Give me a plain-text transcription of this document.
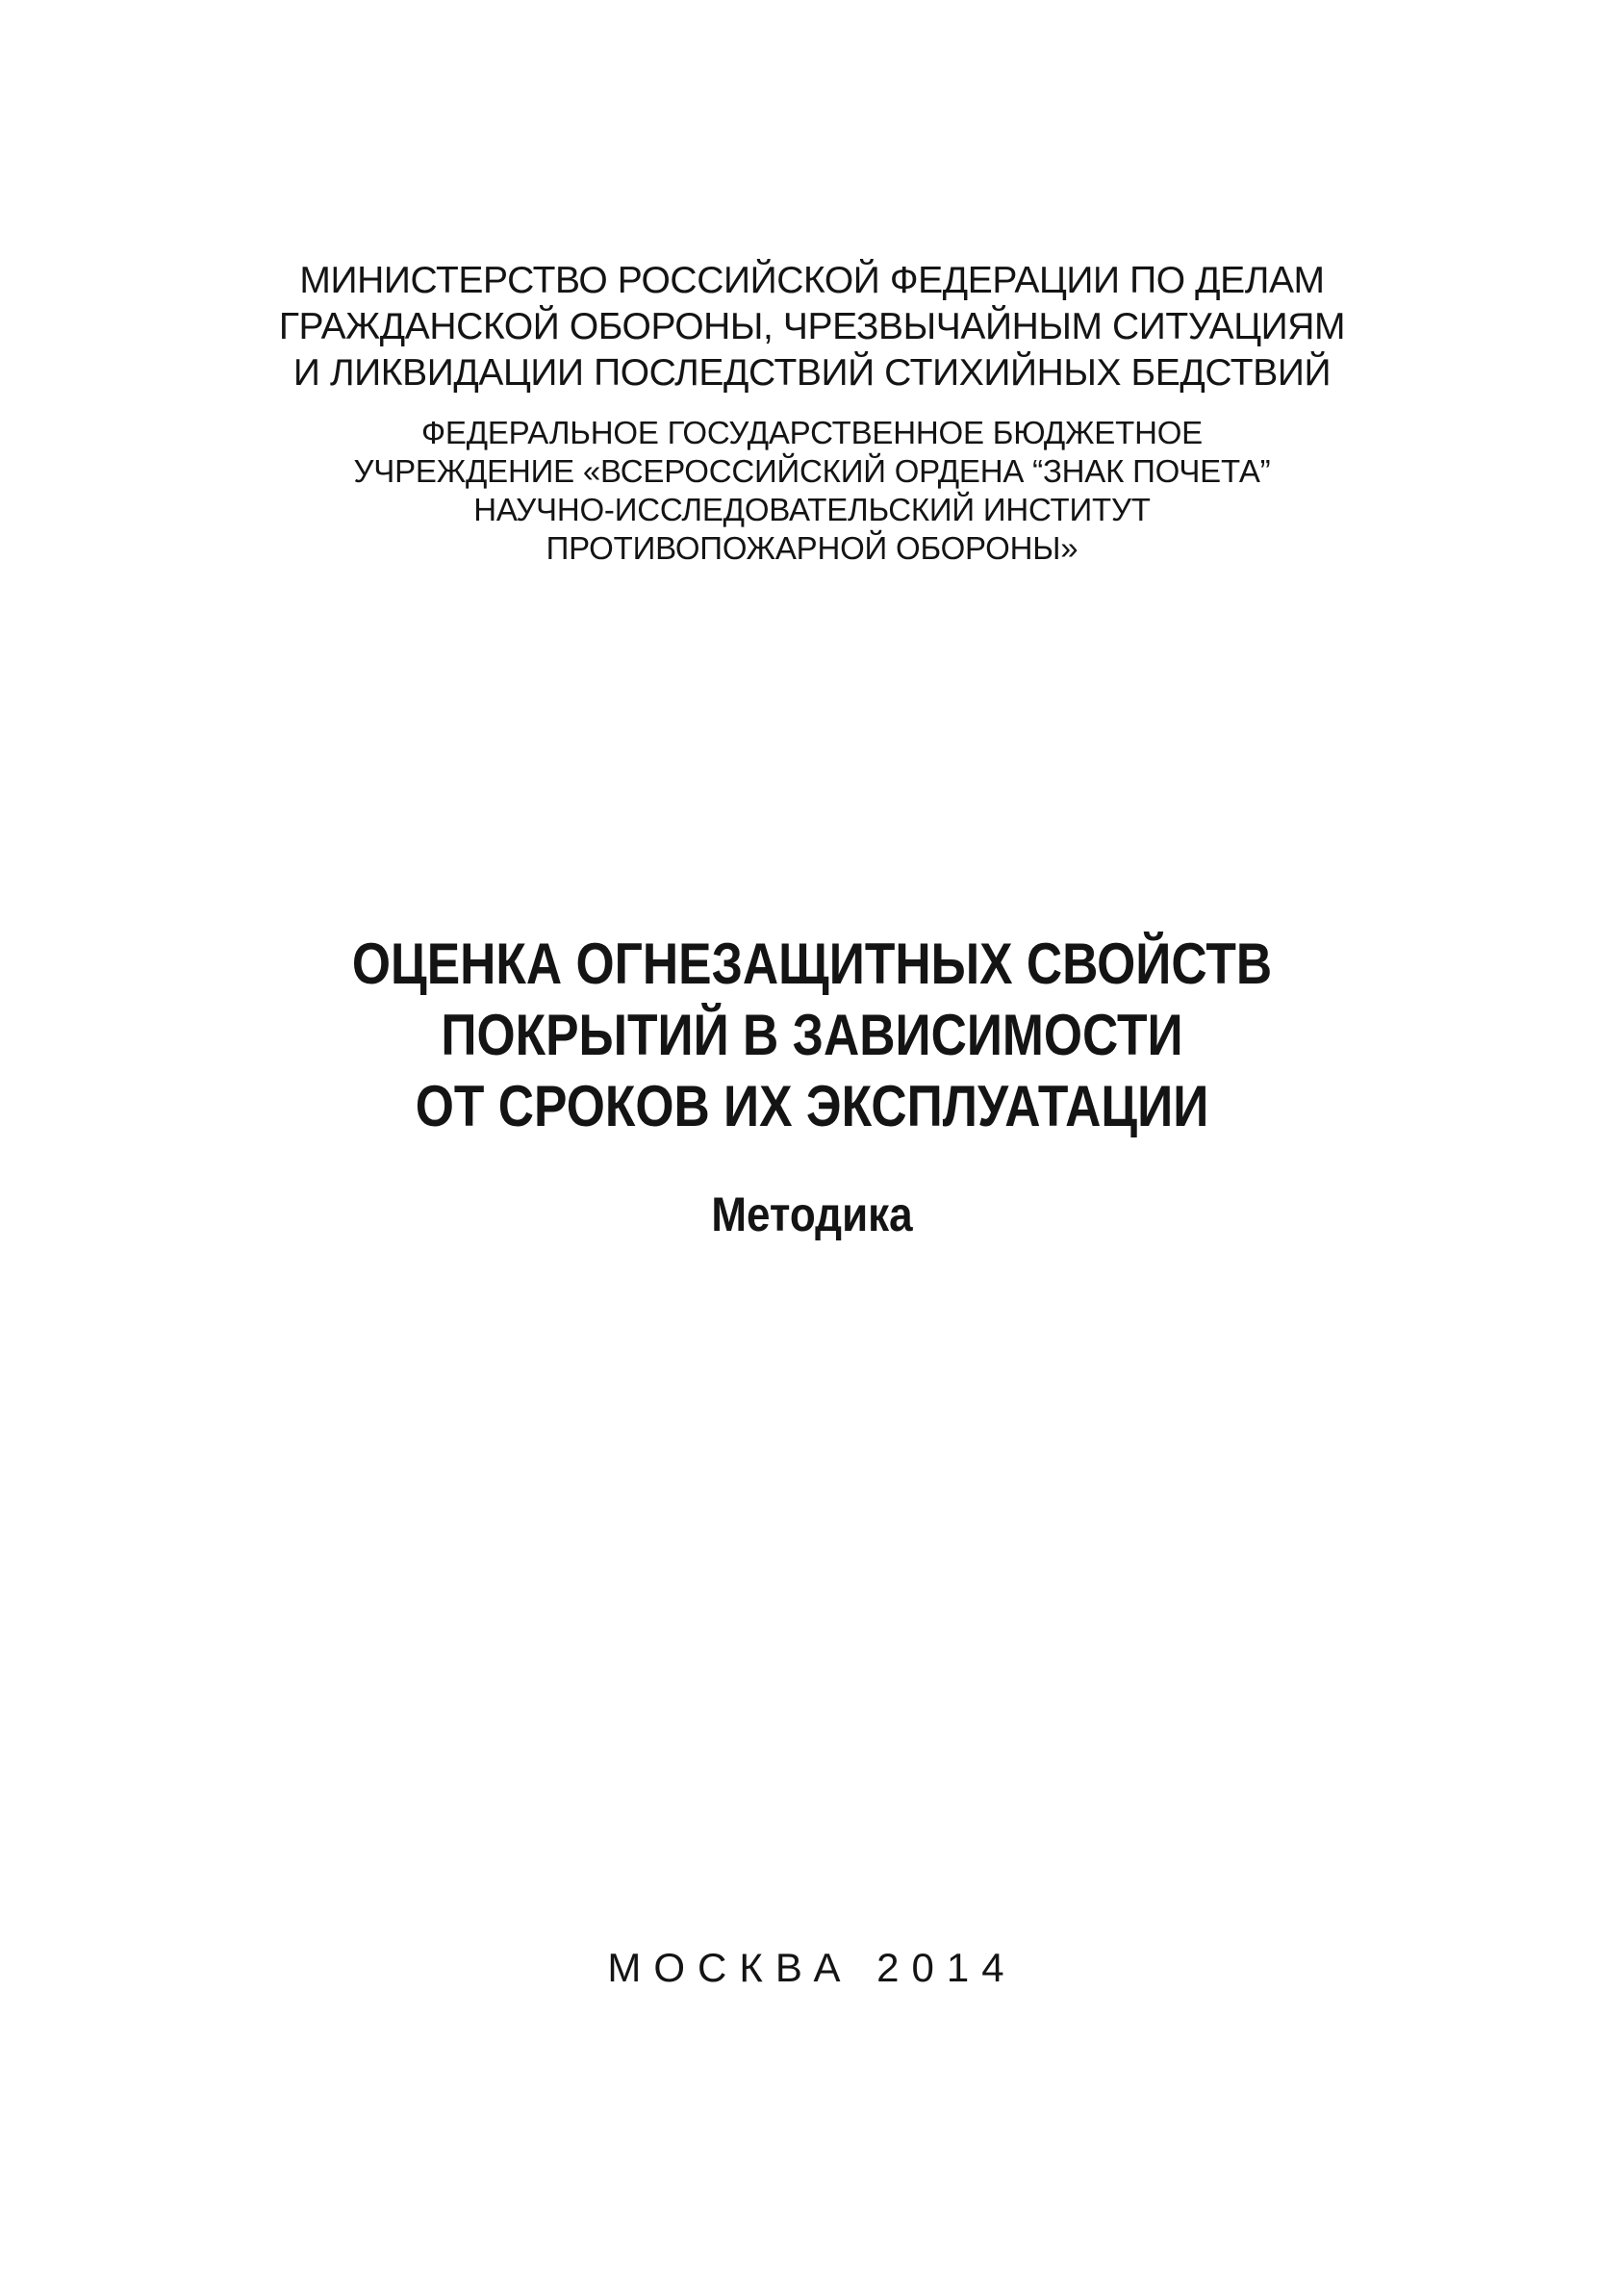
МИНИСТЕРСТВО РОССИЙСКОЙ ФЕДЕРАЦИИ ПО ДЕЛАМ

ГРАЖДАНСКОЙ ОБОРОНЫ, ЧРЕЗВЫЧАЙНЫМ СИТУАЦИЯМ

И ЛИКВИДАЦИИ ПОСЛЕДСТВИЙ СТИХИЙНЫХ БЕДСТВИЙ

ФЕДЕРАЛЬНОЕ ГОСУДАРСТВЕННОЕ БЮДЖЕТНОЕ

УЧРЕЖДЕНИЕ «ВСЕРОССИЙСКИЙ ОРДЕНА “ЗНАК ПОЧЕТА”

НАУЧНО-ИССЛЕДОВАТЕЛЬСКИЙ ИНСТИТУТ

ПРОТИВОПОЖАРНОЙ ОБОРОНЫ»

ОЦЕНКА ОГНЕЗАЩИТНЫХ СВОЙСТВ

ПОКРЫТИЙ В ЗАВИСИМОСТИ

ОТ СРОКОВ ИХ ЭКСПЛУАТАЦИИ

Методика

МОСКВА 2014
